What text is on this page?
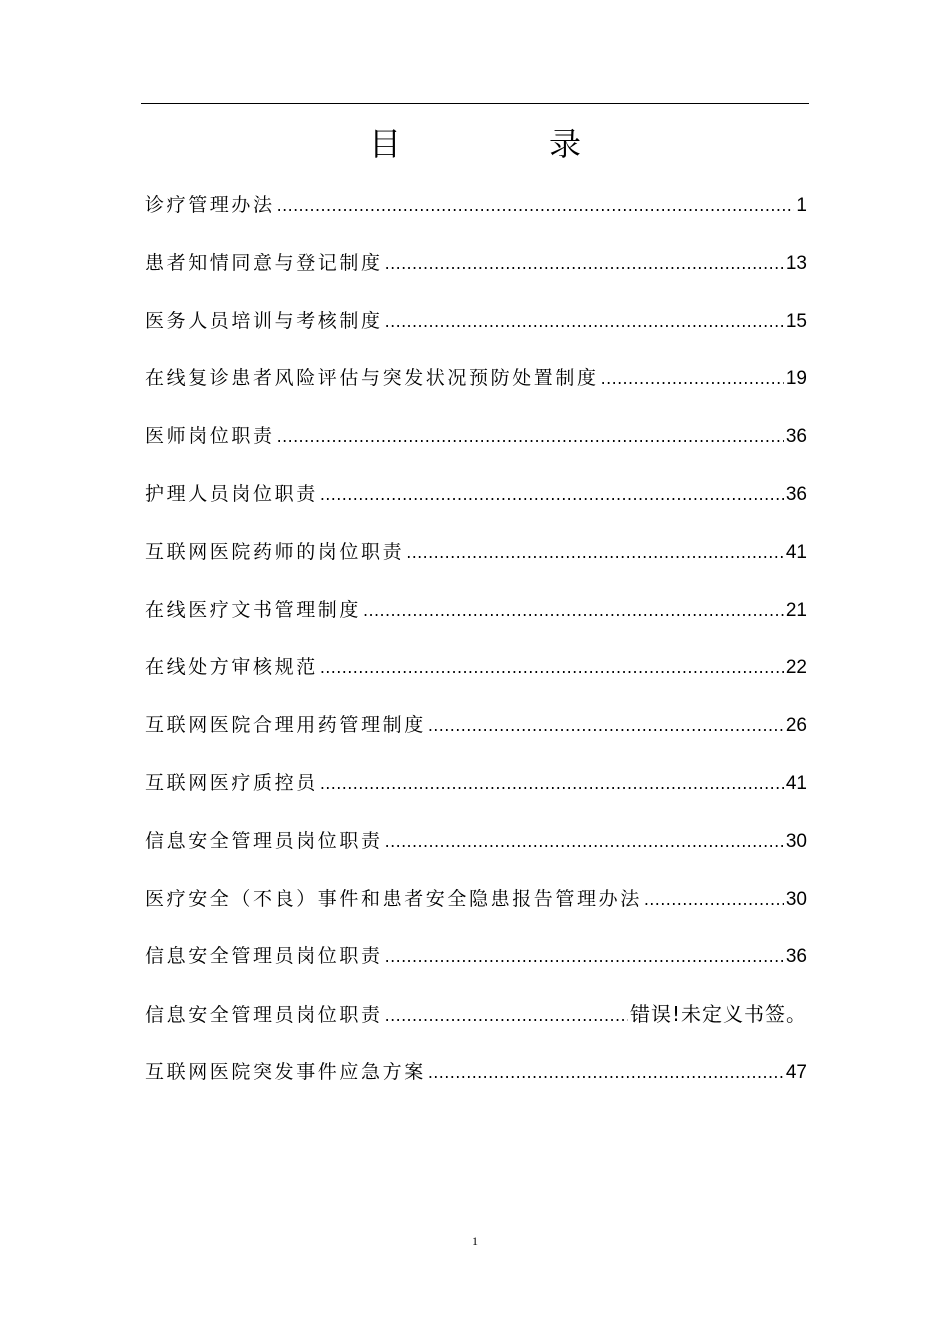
目　录
诊疗管理办法 .....	1
患者知情同意与登记制度 .....	13
医务人员培训与考核制度 .....	15
在线复诊患者风险评估与突发状况预防处置制度 .....	19
医师岗位职责 .....	36
护理人员岗位职责 .....	36
互联网医院药师的岗位职责 .....	41
在线医疗文书管理制度 .....	21
在线处方审核规范 .....	22
互联网医院合理用药管理制度 .....	26
互联网医疗质控员 .....	41
信息安全管理员岗位职责 .....	30
医疗安全（不良）事件和患者安全隐患报告管理办法 .....	30
信息安全管理员岗位职责 .....	36
信息安全管理员岗位职责 .....	错误!未定义书签。
互联网医院突发事件应急方案 .....	47
1
